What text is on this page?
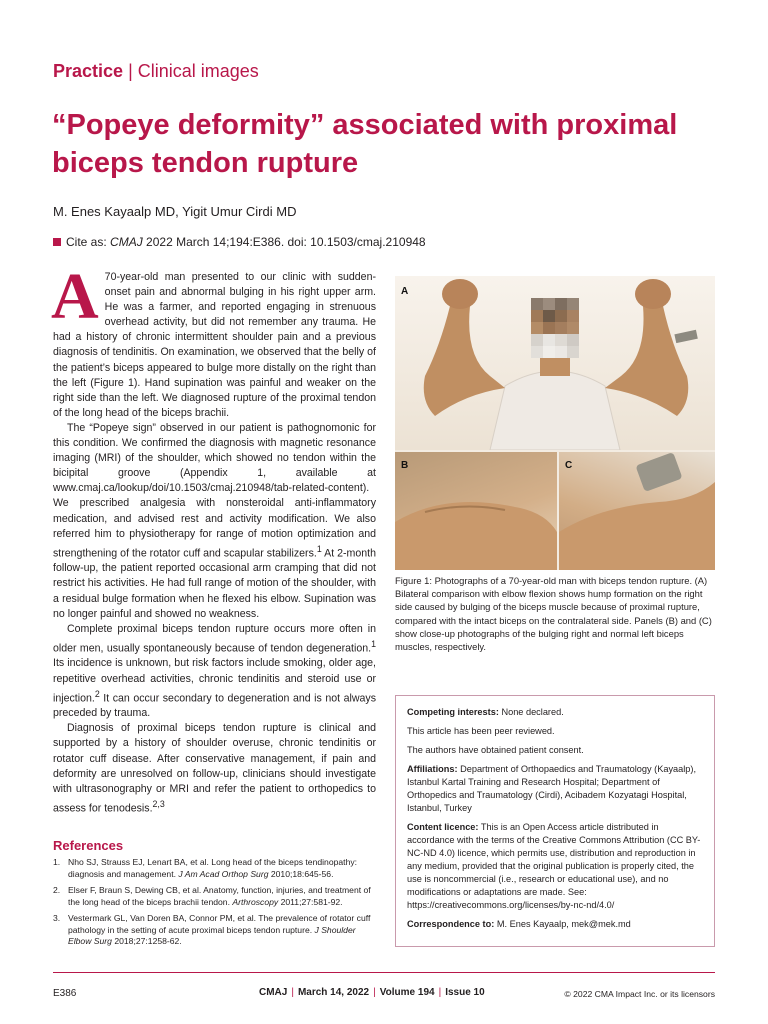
Practice | Clinical images
“Popeye deformity” associated with proximal biceps tendon rupture
M. Enes Kayaalp MD, Yigit Umur Cirdi MD
Cite as: CMAJ 2022 March 14;194:E386. doi: 10.1503/cmaj.210948

A 70-year-old man presented to our clinic with sudden-onset pain and abnormal bulging in his right upper arm. He was a farmer, and reported engaging in strenuous overhead activity, but did not remember any trauma. He had a history of chronic intermittent shoulder pain and a previous diagnosis of tendinitis. On examination, we observed that the belly of the patient’s biceps appeared to bulge more distally on the right than the left (Figure 1). Hand supination was painful and weaker on the right side than the left. We diagnosed rupture of the proximal tendon of the long head of the biceps brachii.

The “Popeye sign” observed in our patient is pathognomonic for this condition. We confirmed the diagnosis with magnetic resonance imaging (MRI) of the shoulder, which showed no tendon within the bicipital groove (Appendix 1, available at www.cmaj.ca/lookup/doi/10.1503/cmaj.210948/tab-related-content). We prescribed analgesia with nonsteroidal anti-inflammatory medication, and advised rest and activity modification. We also referred him to physiotherapy for range of motion optimization and strengthening of the rotator cuff and scapular stabilizers.$^1$ At 2-month follow-up, the patient reported occasional arm cramping that did not restrict his activities. He had full range of motion of the shoulder, with a residual bulge formation when he flexed his elbow. Supination was no longer painful and showed no weakness.

Complete proximal biceps tendon rupture occurs more often in older men, usually spontaneously because of tendon degeneration.$^1$ Its incidence is unknown, but risk factors include smoking, older age, repetitive overhead activities, chronic tendinitis and steroid use or injection.$^2$ It can occur secondary to degeneration and is not always preceded by trauma.

Diagnosis of proximal biceps tendon rupture is clinical and supported by a history of shoulder overuse, chronic tendinitis or rotator cuff disease. After conservative management, if pain and deformity are unresolved on follow-up, clinicians should investigate with ultrasonography or MRI and refer the patient to orthopedics to assess for tenodesis.$^{2,3}$

References
1. Nho SJ, Strauss EJ, Lenart BA, et al. Long head of the biceps tendinopathy: diagnosis and management. J Am Acad Orthop Surg 2010;18:645-56.
2. Elser F, Braun S, Dewing CB, et al. Anatomy, function, injuries, and treatment of the long head of the biceps brachii tendon. Arthroscopy 2011;27:581-92.
3. Vestermark GL, Van Doren BA, Connor PM, et al. The prevalence of rotator cuff pathology in the setting of acute proximal biceps tendon rupture. J Shoulder Elbow Surg 2018;27:1258-62.
A
B	C
Figure 1: Photographs of a 70-year-old man with biceps tendon rupture. (A) Bilateral comparison with elbow flexion shows hump formation on the right side caused by bulging of the biceps muscle because of proximal rupture, compared with the intact biceps on the contralateral side. Panels (B) and (C) show close-up photographs of the bulging right and normal left biceps muscles, respectively.

Competing interests: None declared.

This article has been peer reviewed.

The authors have obtained patient consent.

Affiliations: Department of Orthopaedics and Traumatology (Kayaalp), Istanbul Kartal Training and Research Hospital; Department of Orthopedics and Traumatology (Cirdi), Acibadem Kozyatagi Hospital, Istanbul, Turkey

Content licence: This is an Open Access article distributed in accordance with the terms of the Creative Commons Attribution (CC BY-NC-ND 4.0) licence, which permits use, distribution and reproduction in any medium, provided that the original publication is properly cited, the use is noncommercial (i.e., research or educational use), and no modifications or adaptations are made. See: https://creativecommons.org/licenses/by-nc-nd/4.0/

Correspondence to: M. Enes Kayaalp, mek@mek.md

E386	CMAJ | March 14, 2022 | Volume 194 | Issue 10	© 2022 CMA Impact Inc. or its licensors
